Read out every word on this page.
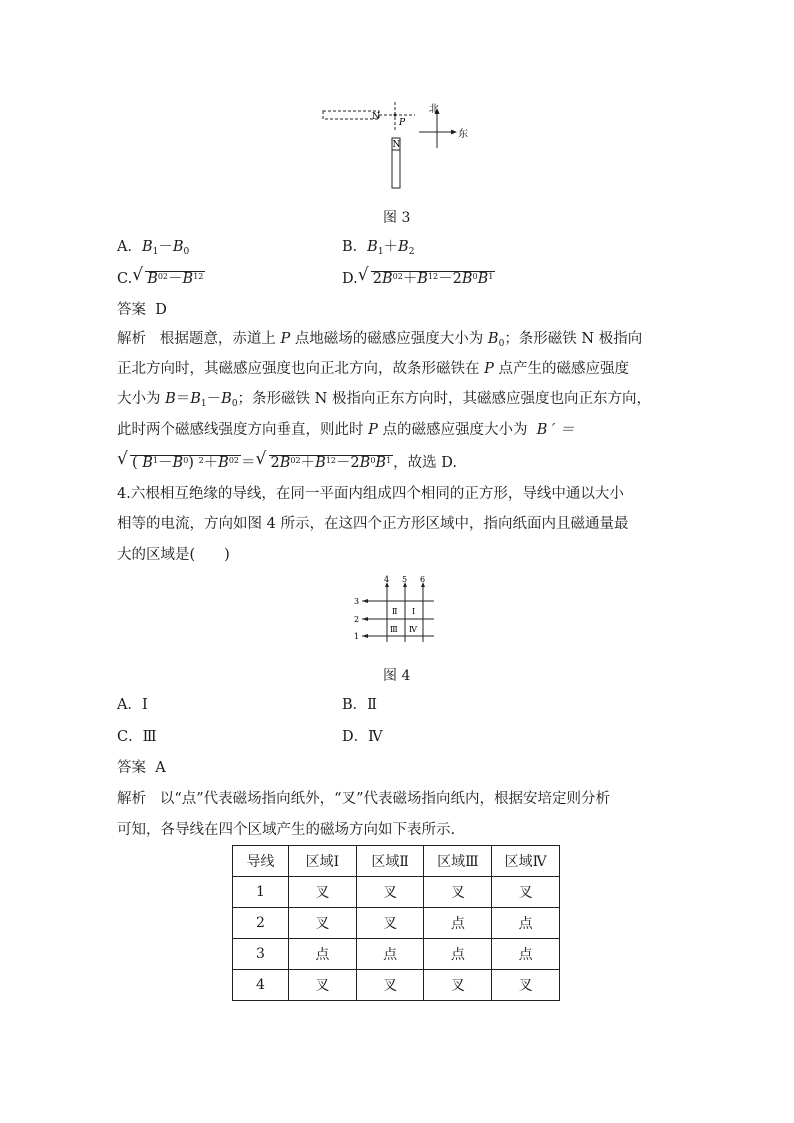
N
P
N
北
东
图 3
A．$B_1-B_0$	B．$B_1+B_2$
C. √ $B^{02}-B^{12}$	D. √ $2B^{02}+B^{12}-2B^0B^1$
答案 D
解析 根据题意，赤道上 P 点地磁场的磁感应强度大小为 $B_0$；条形磁铁 N 极指向
正北方向时，其磁感应强度也向正北方向，故条形磁铁在 P 点产生的磁感应强度
大小为 $B=B_1-B_0$；条形磁铁 N 极指向正东方向时，其磁感应强度也向正东方向，
此时两个磁感线强度方向垂直，则此时 P 点的磁感应强度大小为 B ′ ＝
√ ( $B^1-B^0$) $^2+B^{02}$ ＝ √ $2B^{02}+B^{12}-2B^0B^1$ ，故选 D.
4.六根相互绝缘的导线，在同一平面内组成四个相同的正方形，导线中通以大小
相等的电流，方向如图 4 所示，在这四个正方形区域中，指向纸面内且磁通量最
大的区域是(　　)
4 5 6
3
2
1
Ⅱ Ⅰ
Ⅲ Ⅳ
图 4
A．Ⅰ	B．Ⅱ
C．Ⅲ	D．Ⅳ
答案 A
解析 以“点”代表磁场指向纸外，“叉”代表磁场指向纸内，根据安培定则分析
可知，各导线在四个区域产生的磁场方向如下表所示.
导线	区域Ⅰ	区域Ⅱ	区域Ⅲ	区域Ⅳ
1	叉	叉	叉	叉
2	叉	叉	点	点
3	点	点	点	点
4	叉	叉	叉	叉
